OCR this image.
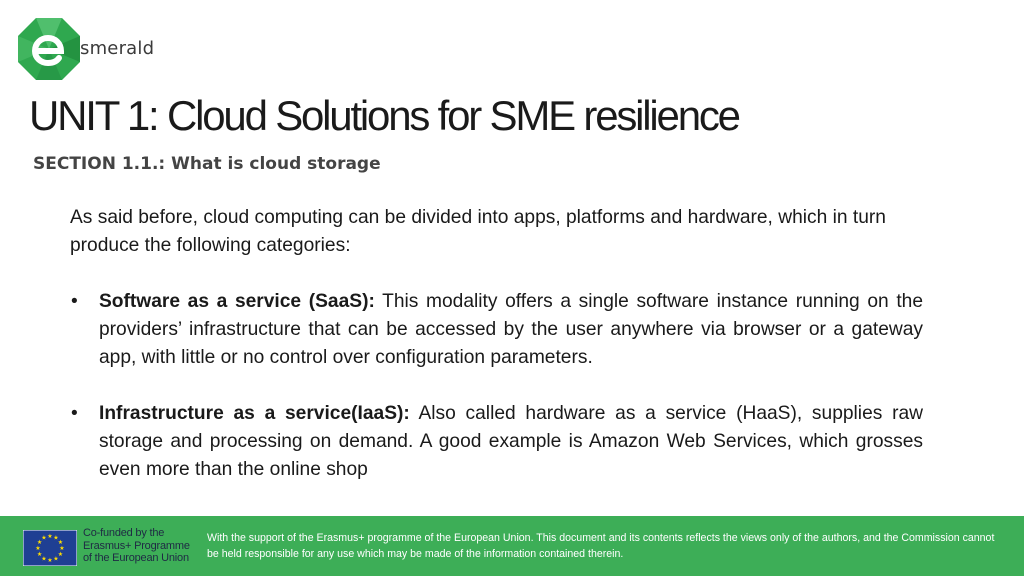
smerald
UNIT 1: Cloud Solutions for SME resilience
SECTION 1.1.: What is cloud storage

As said before, cloud computing can be divided into apps, platforms and hardware, which in turn produce the following categories:

• Software as a service (SaaS): This modality offers a single software instance running on the providers’ infrastructure that can be accessed by the user anywhere via browser or a gateway app, with little or no control over configuration parameters.
• Infrastructure as a service(IaaS): Also called hardware as a service (HaaS), supplies raw storage and processing on demand. A good example is Amazon Web Services, which grosses even more than the online shop
★ ★
★
★
★
★
★
★
★
★
★
★	Co-funded by the
Erasmus+ Programme
of the European Union
With the support of the Erasmus+ programme of the European Union. This document and its contents reflects the views only of the authors, and the Commission cannot be held responsible for any use which may be made of the information contained therein.
